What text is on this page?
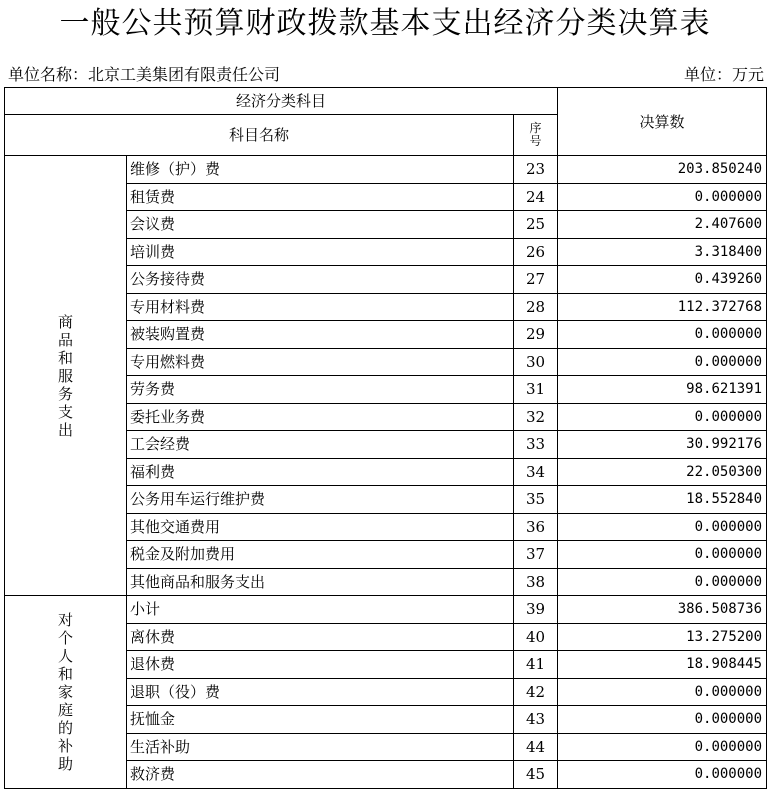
一般公共预算财政拨款基本支出经济分类决算表
单位名称：北京工美集团有限责任公司	单位：万元
经济分类科目			决算数
科目名称		序号	
商品和服务支出	维修（护）费	23	203.850240
	租赁费	24	0.000000
	会议费	25	2.407600
	培训费	26	3.318400
	公务接待费	27	0.439260
	专用材料费	28	112.372768
	被装购置费	29	0.000000
	专用燃料费	30	0.000000
	劳务费	31	98.621391
	委托业务费	32	0.000000
	工会经费	33	30.992176
	福利费	34	22.050300
	公务用车运行维护费	35	18.552840
	其他交通费用	36	0.000000
	税金及附加费用	37	0.000000
	其他商品和服务支出	38	0.000000
对个人和家庭的补助	小计	39	386.508736
	离休费	40	13.275200
	退休费	41	18.908445
	退职（役）费	42	0.000000
	抚恤金	43	0.000000
	生活补助	44	0.000000
	救济费	45	0.000000
